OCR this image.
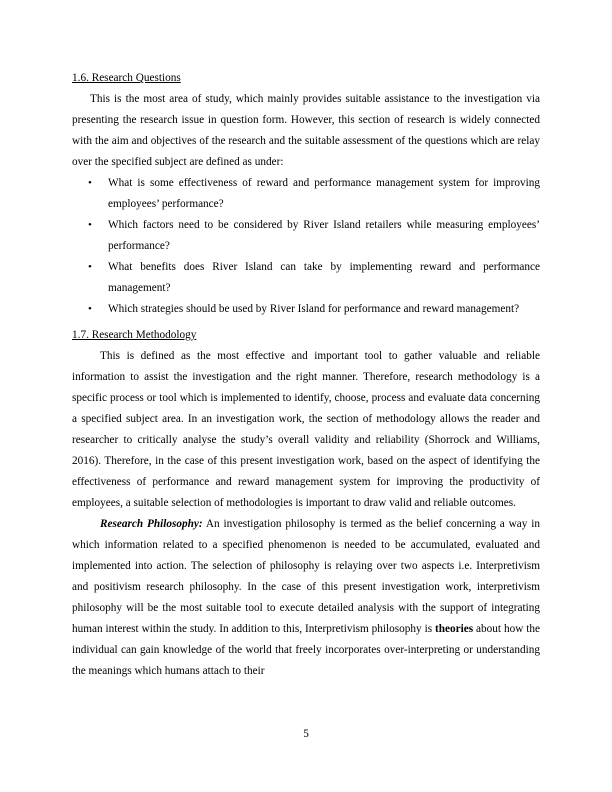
1.6. Research Questions

This is the most area of study, which mainly provides suitable assistance to the investigation via presenting the research issue in question form. However, this section of research is widely connected with the aim and objectives of the research and the suitable assessment of the questions which are relay over the specified subject are defined as under:

• What is some effectiveness of reward and performance management system for improving employees’ performance?
• Which factors need to be considered by River Island retailers while measuring employees’ performance?
• What benefits does River Island can take by implementing reward and performance management?
• Which strategies should be used by River Island for performance and reward management?

1.7. Research Methodology

This is defined as the most effective and important tool to gather valuable and reliable information to assist the investigation and the right manner. Therefore, research methodology is a specific process or tool which is implemented to identify, choose, process and evaluate data concerning a specified subject area. In an investigation work, the section of methodology allows the reader and researcher to critically analyse the study’s overall validity and reliability (Shorrock and Williams, 2016). Therefore, in the case of this present investigation work, based on the aspect of identifying the effectiveness of performance and reward management system for improving the productivity of employees, a suitable selection of methodologies is important to draw valid and reliable outcomes.

Research Philosophy: An investigation philosophy is termed as the belief concerning a way in which information related to a specified phenomenon is needed to be accumulated, evaluated and implemented into action. The selection of philosophy is relaying over two aspects i.e. Interpretivism and positivism research philosophy. In the case of this present investigation work, interpretivism philosophy will be the most suitable tool to execute detailed analysis with the support of integrating human interest within the study. In addition to this, Interpretivism philosophy is theories about how the individual can gain knowledge of the world that freely incorporates over-interpreting or understanding the meanings which humans attach to their

5
